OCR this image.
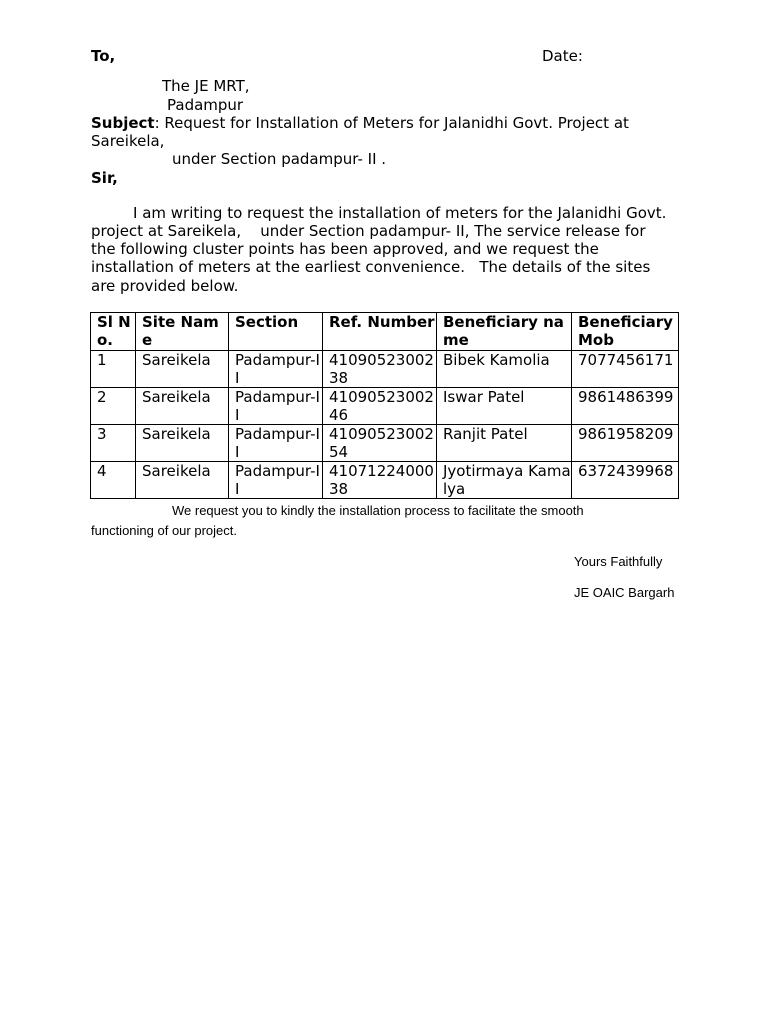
To,	Date:
The JE MRT,
Padampur
Subject: Request for Installation of Meters for Jalanidhi Govt. Project at
Sareikela,
under Section padampur- II .
Sir,
I am writing to request the installation of meters for the Jalanidhi Govt.
project at Sareikela,    under Section padampur- II, The service release for
the following cluster points has been approved, and we request the
installation of meters at the earliest convenience.   The details of the sites
are provided below.
Sl No.	Site Name	Section	Ref. Number	Beneficiary name	Beneficiary Mob
1	Sareikela	Padampur-II	4109052300238	Bibek Kamolia	7077456171
2	Sareikela	Padampur-II	4109052300246	Iswar Patel	9861486399
3	Sareikela	Padampur-II	4109052300254	Ranjit Patel	9861958209
4	Sareikela	Padampur-II	4107122400038	Jyotirmaya Kamalya	6372439968
We request you to kindly the installation process to facilitate the smooth
functioning of our project.
Yours Faithfully
JE OAIC Bargarh
